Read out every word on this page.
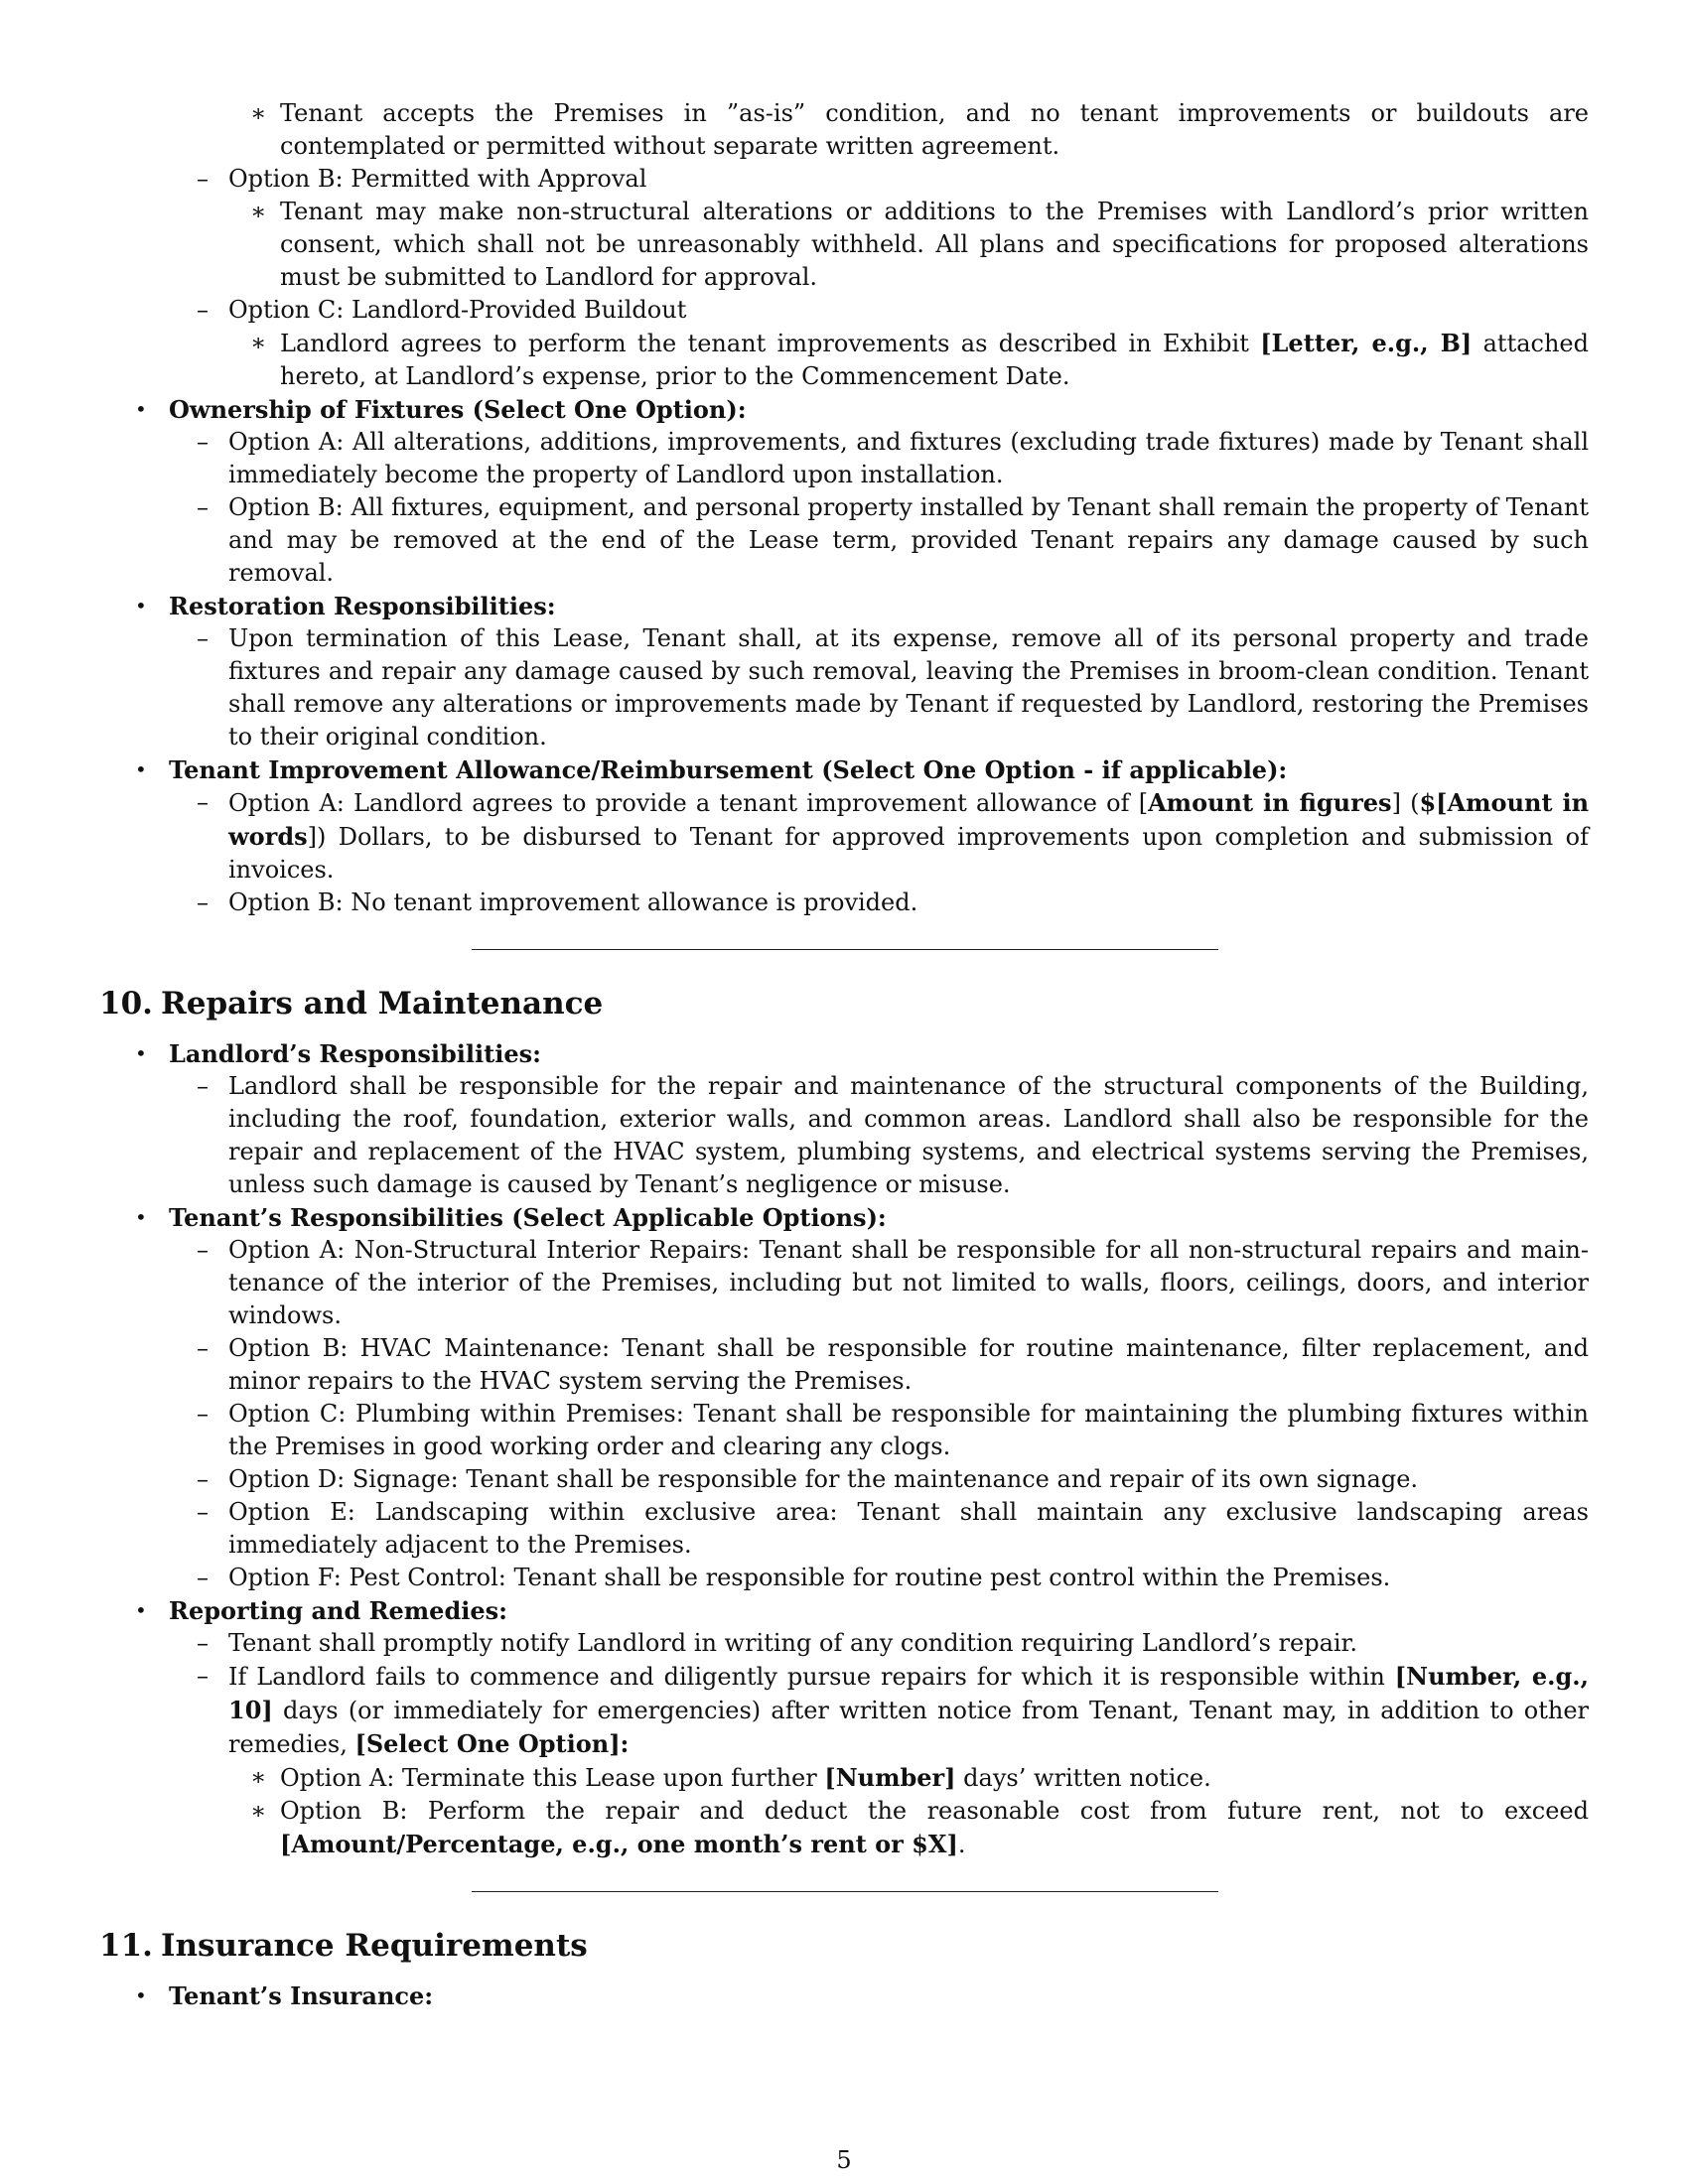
∗ Tenant accepts the Premises in ”as-is” condition, and no tenant improvements or buildouts are contemplated or permitted without separate written agreement.
– Option B: Permitted with Approval
∗ Tenant may make non-structural alterations or additions to the Premises with Landlord’s prior written consent, which shall not be unreasonably withheld. All plans and specifications for proposed alterations must be submitted to Landlord for approval.
– Option C: Landlord-Provided Buildout
∗ Landlord agrees to perform the tenant improvements as described in Exhibit [Letter, e.g., B] attached hereto, at Landlord’s expense, prior to the Commencement Date.
• Ownership of Fixtures (Select One Option):
– Option A: All alterations, additions, improvements, and fixtures (excluding trade fixtures) made by Tenant shall immediately become the property of Landlord upon installation.
– Option B: All fixtures, equipment, and personal property installed by Tenant shall remain the property of Tenant and may be removed at the end of the Lease term, provided Tenant repairs any damage caused by such removal.
• Restoration Responsibilities:
– Upon termination of this Lease, Tenant shall, at its expense, remove all of its personal property and trade fixtures and repair any damage caused by such removal, leaving the Premises in broom-clean condition. Tenant shall remove any alterations or improvements made by Tenant if requested by Landlord, restoring the Premises to their original condition.
• Tenant Improvement Allowance/Reimbursement (Select One Option - if applicable):
– Option A: Landlord agrees to provide a tenant improvement allowance of [Amount in figures] ($[Amount in words]) Dollars, to be disbursed to Tenant for approved improvements upon completion and submission of invoices.
– Option B: No tenant improvement allowance is provided.
10. Repairs and Maintenance
• Landlord’s Responsibilities:
– Landlord shall be responsible for the repair and maintenance of the structural components of the Building, including the roof, foundation, exterior walls, and common areas. Landlord shall also be responsible for the repair and replacement of the HVAC system, plumbing systems, and electrical systems serving the Premises, unless such damage is caused by Tenant’s negligence or misuse.
• Tenant’s Responsibilities (Select Applicable Options):
– Option A: Non-Structural Interior Repairs: Tenant shall be responsible for all non-structural repairs and maintenance of the interior of the Premises, including but not limited to walls, floors, ceilings, doors, and interior windows.
– Option B: HVAC Maintenance: Tenant shall be responsible for routine maintenance, filter replacement, and minor repairs to the HVAC system serving the Premises.
– Option C: Plumbing within Premises: Tenant shall be responsible for maintaining the plumbing fixtures within the Premises in good working order and clearing any clogs.
– Option D: Signage: Tenant shall be responsible for the maintenance and repair of its own signage.
– Option E: Landscaping within exclusive area: Tenant shall maintain any exclusive landscaping areas immediately adjacent to the Premises.
– Option F: Pest Control: Tenant shall be responsible for routine pest control within the Premises.
• Reporting and Remedies:
– Tenant shall promptly notify Landlord in writing of any condition requiring Landlord’s repair.
– If Landlord fails to commence and diligently pursue repairs for which it is responsible within [Number, e.g., 10] days (or immediately for emergencies) after written notice from Tenant, Tenant may, in addition to other remedies, [Select One Option]:
∗ Option A: Terminate this Lease upon further [Number] days’ written notice.
∗ Option B: Perform the repair and deduct the reasonable cost from future rent, not to exceed [Amount/Percentage, e.g., one month’s rent or $X].
11. Insurance Requirements
• Tenant’s Insurance:
5
